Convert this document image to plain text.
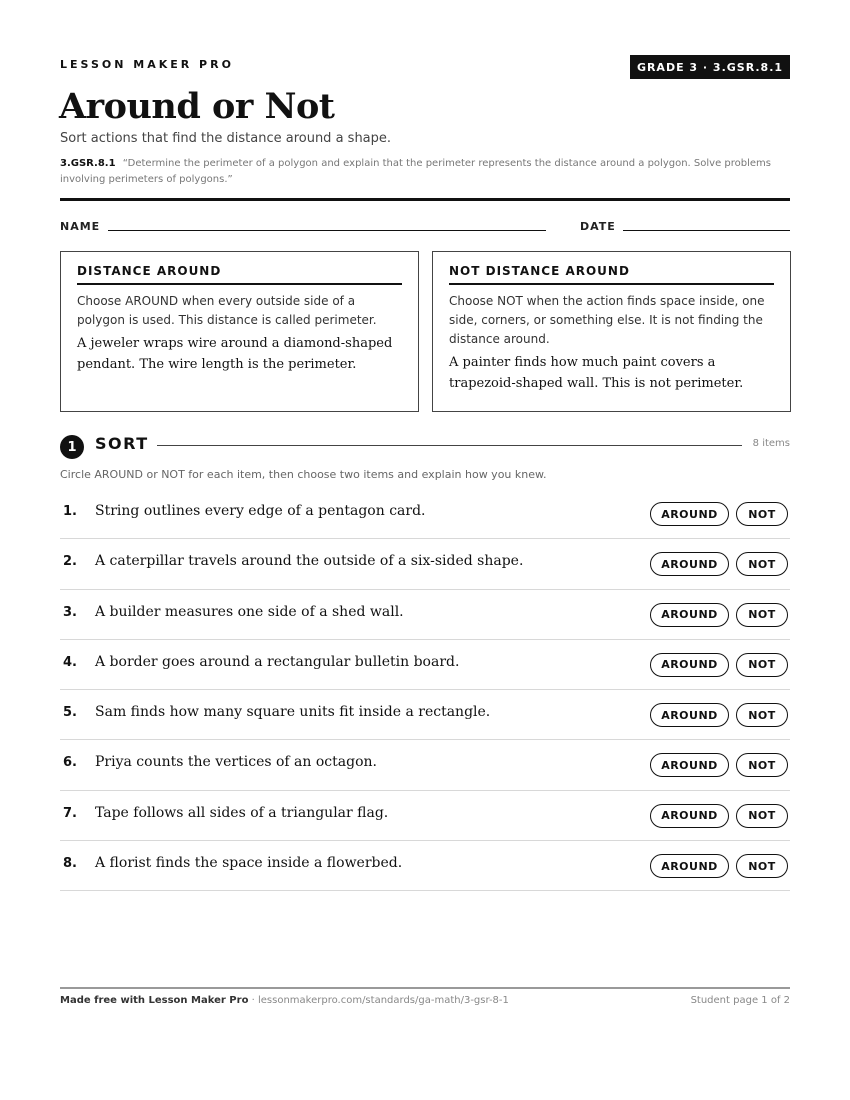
LESSON MAKER PRO	GRADE 3 · 3.GSR.8.1
Around or Not
Sort actions that find the distance around a shape.
3.GSR.8.1 “Determine the perimeter of a polygon and explain that the perimeter represents the distance around a polygon. Solve problems involving perimeters of polygons.”
NAME	DATE
DISTANCE AROUND
Choose AROUND when every outside side of a polygon is used. This distance is called perimeter.
A jeweler wraps wire around a diamond-shaped pendant. The wire length is the perimeter.
NOT DISTANCE AROUND
Choose NOT when the action finds space inside, one side, corners, or something else. It is not finding the distance around.
A painter finds how much paint covers a trapezoid-shaped wall. This is not perimeter.
1	SORT	8 items
Circle AROUND or NOT for each item, then choose two items and explain how you knew.
1. String outlines every edge of a pentagon card.	AROUND	NOT
2. A caterpillar travels around the outside of a six-sided shape.	AROUND	NOT
3. A builder measures one side of a shed wall.	AROUND	NOT
4. A border goes around a rectangular bulletin board.	AROUND	NOT
5. Sam finds how many square units fit inside a rectangle.	AROUND	NOT
6. Priya counts the vertices of an octagon.	AROUND	NOT
7. Tape follows all sides of a triangular flag.	AROUND	NOT
8. A florist finds the space inside a flowerbed.	AROUND	NOT
Made free with Lesson Maker Pro · lessonmakerpro.com/standards/ga-math/3-gsr-8-1	Student page 1 of 2
